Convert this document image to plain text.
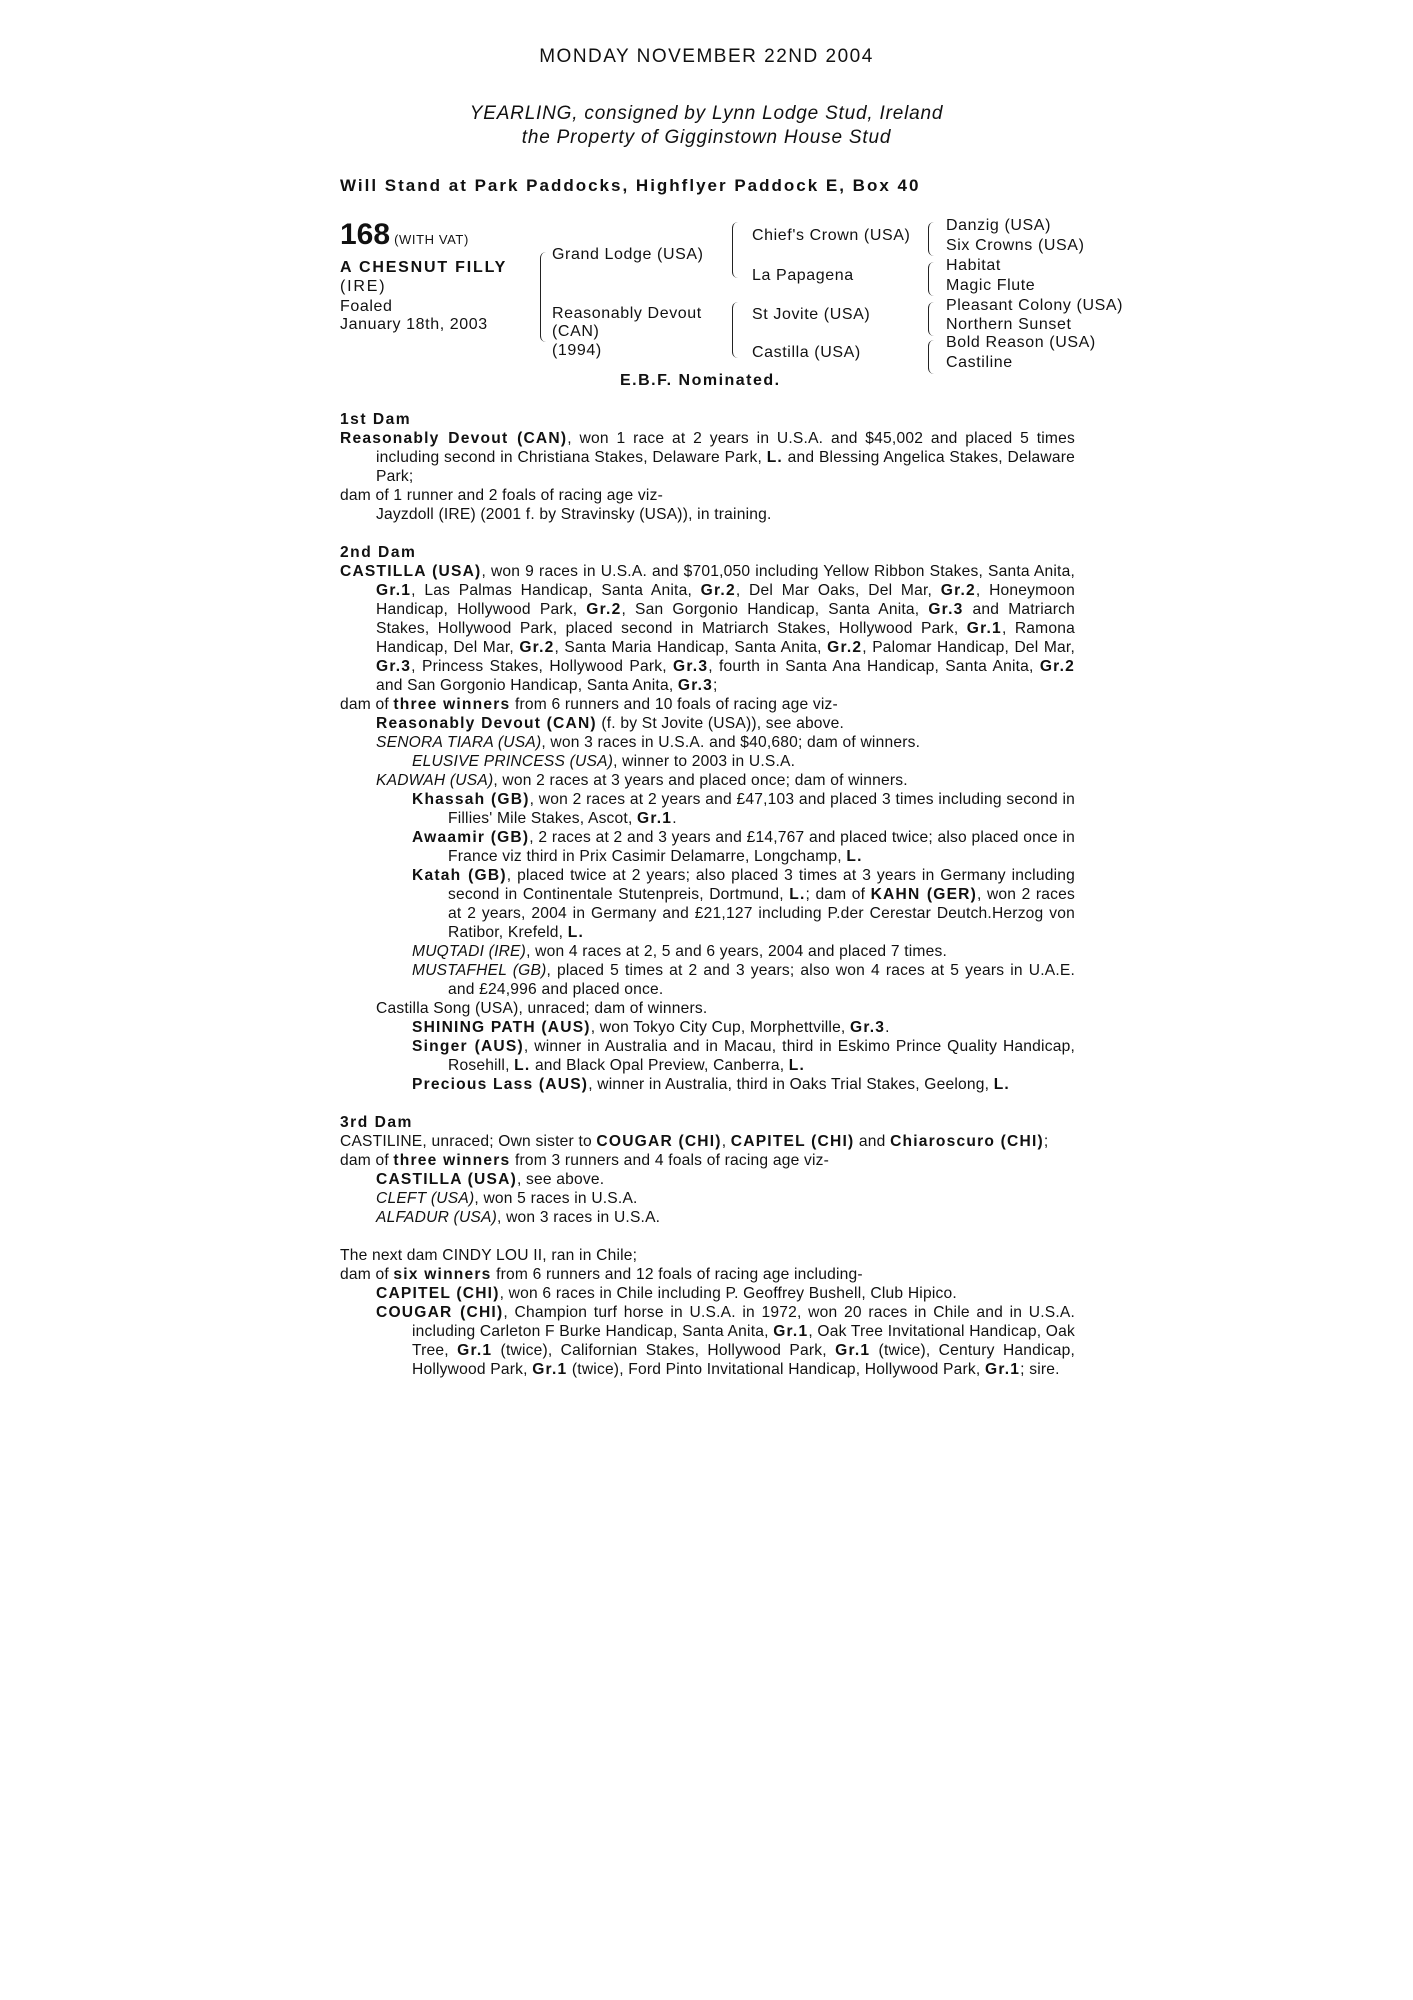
MONDAY NOVEMBER 22ND 2004
YEARLING, consigned by Lynn Lodge Stud, Ireland
the Property of Gigginstown House Stud
Will Stand at Park Paddocks, Highflyer Paddock E, Box 40
168 (WITH VAT)
A CHESNUT FILLY
(IRE)
Foaled
January 18th, 2003
Grand Lodge (USA)
Reasonably Devout
(CAN)
(1994)
Chief's Crown (USA)
La Papagena
St Jovite (USA)
Castilla (USA)
Danzig (USA)
Six Crowns (USA)
Habitat
Magic Flute
Pleasant Colony (USA)
Northern Sunset
Bold Reason (USA)
Castiline
E.B.F. Nominated.
1st Dam
Reasonably Devout (CAN), won 1 race at 2 years in U.S.A. and $45,002 and placed 5 times including second in Christiana Stakes, Delaware Park, L. and Blessing Angelica Stakes, Delaware Park;
dam of 1 runner and 2 foals of racing age viz-
Jayzdoll (IRE) (2001 f. by Stravinsky (USA)), in training.
2nd Dam
CASTILLA (USA), won 9 races in U.S.A. and $701,050 including Yellow Ribbon Stakes, Santa Anita, Gr.1, Las Palmas Handicap, Santa Anita, Gr.2, Del Mar Oaks, Del Mar, Gr.2, Honeymoon Handicap, Hollywood Park, Gr.2, San Gorgonio Handicap, Santa Anita, Gr.3 and Matriarch Stakes, Hollywood Park, placed second in Matriarch Stakes, Hollywood Park, Gr.1, Ramona Handicap, Del Mar, Gr.2, Santa Maria Handicap, Santa Anita, Gr.2, Palomar Handicap, Del Mar, Gr.3, Princess Stakes, Hollywood Park, Gr.3, fourth in Santa Ana Handicap, Santa Anita, Gr.2 and San Gorgonio Handicap, Santa Anita, Gr.3;
dam of three winners from 6 runners and 10 foals of racing age viz-
Reasonably Devout (CAN) (f. by St Jovite (USA)), see above.
SENORA TIARA (USA), won 3 races in U.S.A. and $40,680; dam of winners.
ELUSIVE PRINCESS (USA), winner to 2003 in U.S.A.
KADWAH (USA), won 2 races at 3 years and placed once; dam of winners.
Khassah (GB), won 2 races at 2 years and £47,103 and placed 3 times including second in Fillies' Mile Stakes, Ascot, Gr.1.
Awaamir (GB), 2 races at 2 and 3 years and £14,767 and placed twice; also placed once in France viz third in Prix Casimir Delamarre, Longchamp, L.
Katah (GB), placed twice at 2 years; also placed 3 times at 3 years in Germany including second in Continentale Stutenpreis, Dortmund, L.; dam of KAHN (GER), won 2 races at 2 years, 2004 in Germany and £21,127 including P.der Cerestar Deutch.Herzog von Ratibor, Krefeld, L.
MUQTADI (IRE), won 4 races at 2, 5 and 6 years, 2004 and placed 7 times.
MUSTAFHEL (GB), placed 5 times at 2 and 3 years; also won 4 races at 5 years in U.A.E. and £24,996 and placed once.
Castilla Song (USA), unraced; dam of winners.
SHINING PATH (AUS), won Tokyo City Cup, Morphettville, Gr.3.
Singer (AUS), winner in Australia and in Macau, third in Eskimo Prince Quality Handicap, Rosehill, L. and Black Opal Preview, Canberra, L.
Precious Lass (AUS), winner in Australia, third in Oaks Trial Stakes, Geelong, L.
3rd Dam
CASTILINE, unraced; Own sister to COUGAR (CHI), CAPITEL (CHI) and Chiaroscuro (CHI);
dam of three winners from 3 runners and 4 foals of racing age viz-
CASTILLA (USA), see above.
CLEFT (USA), won 5 races in U.S.A.
ALFADUR (USA), won 3 races in U.S.A.
The next dam CINDY LOU II, ran in Chile;
dam of six winners from 6 runners and 12 foals of racing age including-
CAPITEL (CHI), won 6 races in Chile including P. Geoffrey Bushell, Club Hipico.
COUGAR (CHI), Champion turf horse in U.S.A. in 1972, won 20 races in Chile and in U.S.A. including Carleton F Burke Handicap, Santa Anita, Gr.1, Oak Tree Invitational Handicap, Oak Tree, Gr.1 (twice), Californian Stakes, Hollywood Park, Gr.1 (twice), Century Handicap, Hollywood Park, Gr.1 (twice), Ford Pinto Invitational Handicap, Hollywood Park, Gr.1; sire.
